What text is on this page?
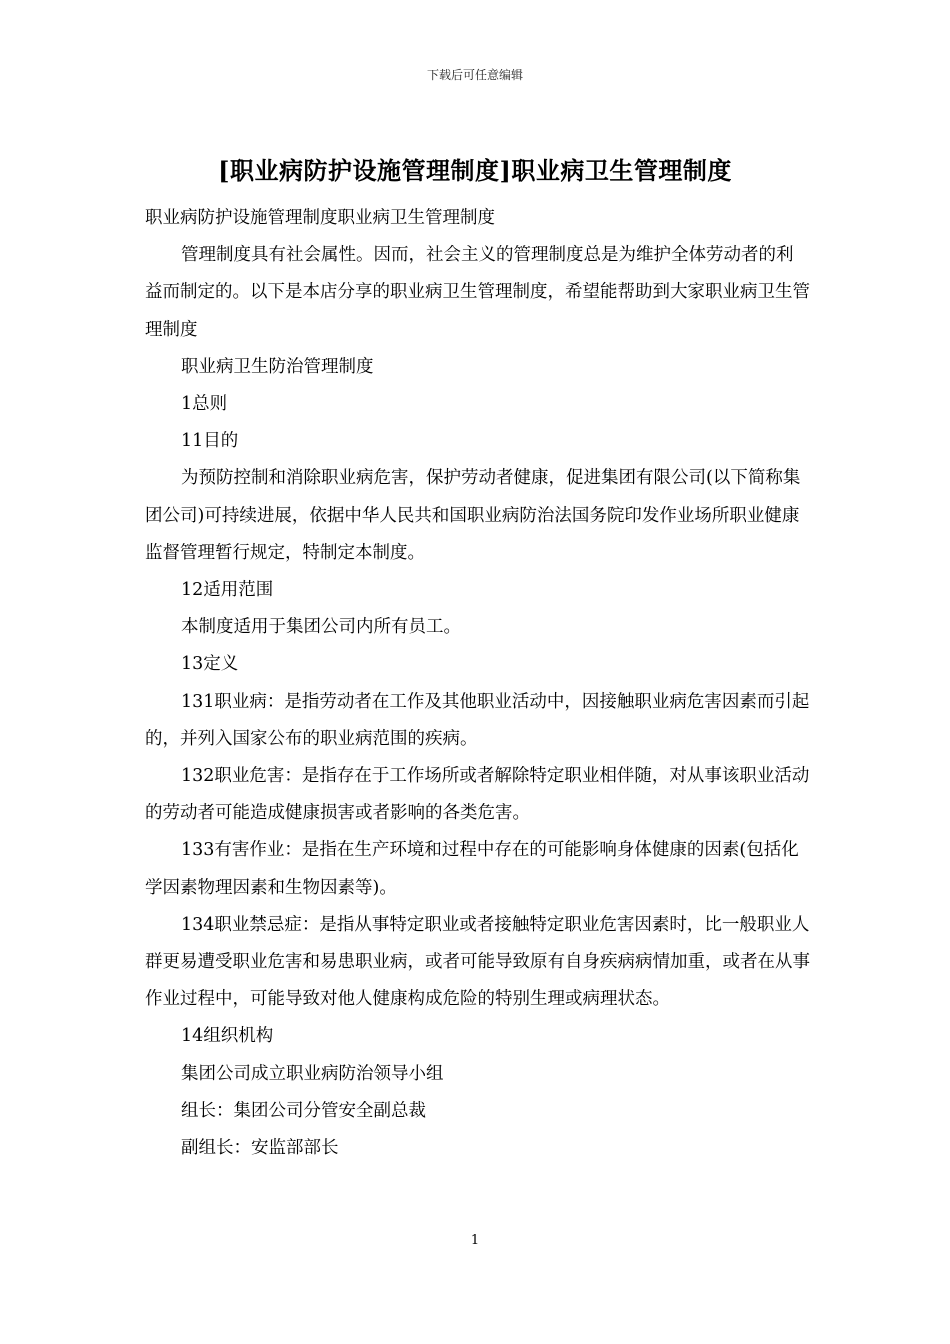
下载后可任意编辑
[职业病防护设施管理制度]职业病卫生管理制度

职业病防护设施管理制度职业病卫生管理制度

管理制度具有社会属性。因而，社会主义的管理制度总是为维护全体劳动者的利益而制定的。以下是本店分享的职业病卫生管理制度，希望能帮助到大家职业病卫生管理制度

职业病卫生防治管理制度

1总则

11目的

为预防控制和消除职业病危害，保护劳动者健康，促进集团有限公司(以下简称集团公司)可持续进展，依据中华人民共和国职业病防治法国务院印发作业场所职业健康监督管理暂行规定，特制定本制度。

12适用范围

本制度适用于集团公司内所有员工。

13定义

131职业病：是指劳动者在工作及其他职业活动中，因接触职业病危害因素而引起的，并列入国家公布的职业病范围的疾病。

132职业危害：是指存在于工作场所或者解除特定职业相伴随，对从事该职业活动的劳动者可能造成健康损害或者影响的各类危害。

133有害作业：是指在生产环境和过程中存在的可能影响身体健康的因素(包括化学因素物理因素和生物因素等)。

134职业禁忌症：是指从事特定职业或者接触特定职业危害因素时，比一般职业人群更易遭受职业危害和易患职业病，或者可能导致原有自身疾病病情加重，或者在从事作业过程中，可能导致对他人健康构成危险的特别生理或病理状态。

14组织机构

集团公司成立职业病防治领导小组

组长：集团公司分管安全副总裁

副组长：安监部部长

1
